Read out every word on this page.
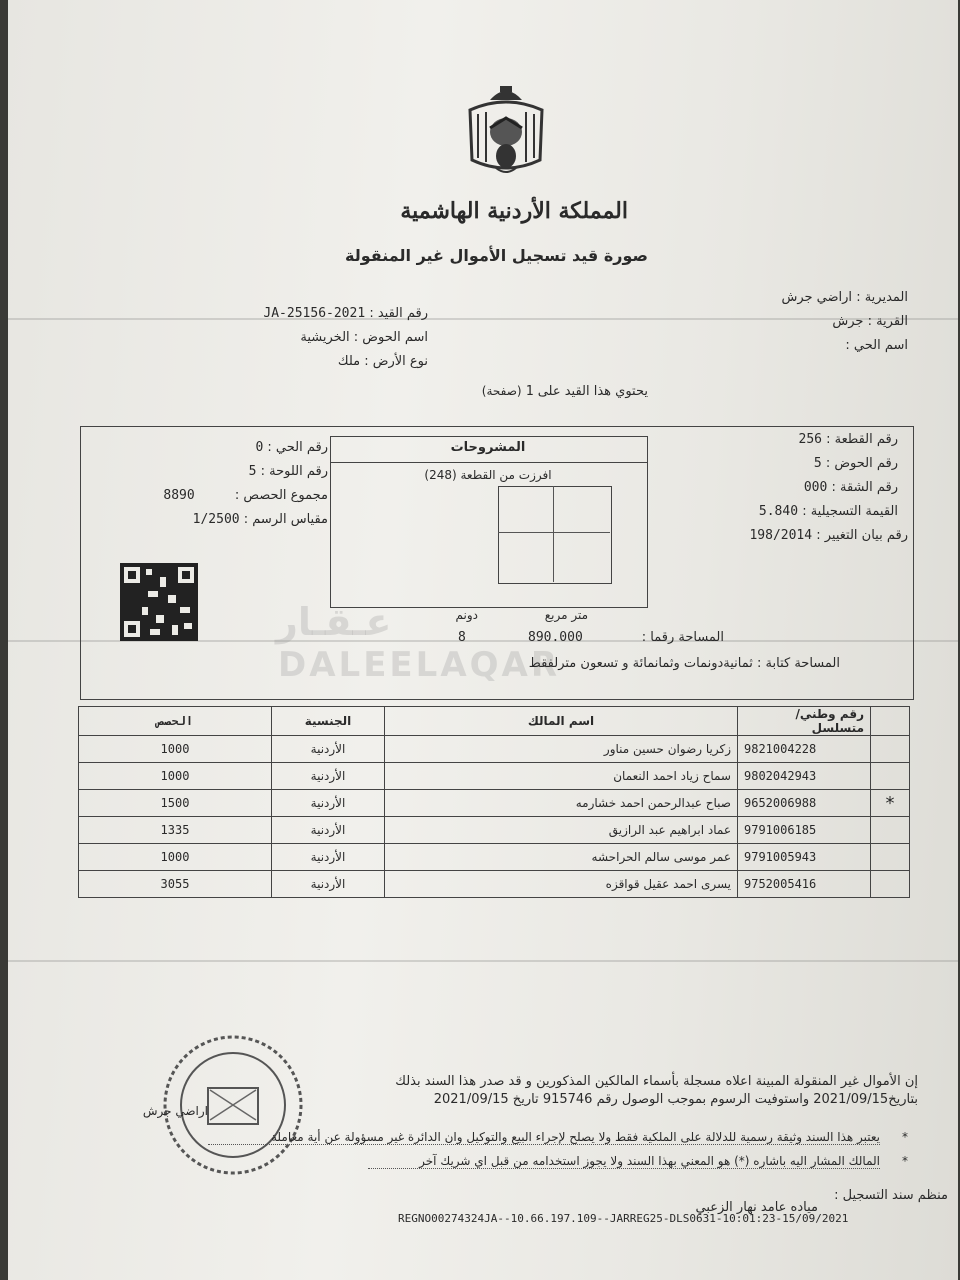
المملكة الأردنية الهاشمية
صورة قيد تسجيل الأموال غير المنقولة
المديرية : اراضي جرش
القرية : جرش
اسم الحي :
رقم القيد : 2021-JA-25156
اسم الحوض : الخريشية
نوع الأرض : ملك
يحتوي هذا القيد على 1 (صفحة)
رقم القطعة : 256
رقم الحوض : 5
رقم الشقة : 000
القيمة التسجيلية : 5.840
رقم بيان التغيير : 198/2014
رقم الحي : 0
رقم اللوحة : 5
مجموع الحصص : 8890
مقياس الرسم : 1/2500
المشروحات
افرزت من القطعة (248)
عـقـار
DALEELAQAR
متر مربع
دونم
المساحة رقما :
890.000
8
المساحة كتابة : ثمانيةدونمات وثمانمائة و تسعون مترلفقط
	رقم وطني/متسلسل	اسم المالك	الجنسية	الحصص
	9821004228	زكريا رضوان حسين مناور	الأردنية	1000
	9802042943	سماح زياد احمد النعمان	الأردنية	1000
*	9652006988	صباح عبدالرحمن احمد خشارمه	الأردنية	1500
	9791006185	عماد ابراهيم عبد الرازيق	الأردنية	1335
	9791005943	عمر موسى سالم الحراحشه	الأردنية	1000
	9752005416	يسرى احمد عقيل قواقزه	الأردنية	3055
اراضي جرش
إن الأموال غير المنقولة المبينة اعلاه مسجلة بأسماء المالكين المذكورين و قد صدر هذا السند بذلك
بتاريخ2021/09/15 واستوفيت الرسوم بموجب الوصول رقم 915746 تاريخ 2021/09/15
*
يعتبر هذا السند وثيقة رسمية للدلالة على الملكية فقط ولا يصلح لإجراء البيع والتوكيل وان الدائرة غير مسؤولة عن أية معاملة
*
المالك المشار اليه باشاره (*) هو المعني بهذا السند ولا يجوز استخدامه من قبل اي شريك آخر
منظم سند التسجيل :
مياده عامد نهار الزعبي
REGNO00274324JA--10.66.197.109--JARREG25-DLS0631-10:01:23-15/09/2021
